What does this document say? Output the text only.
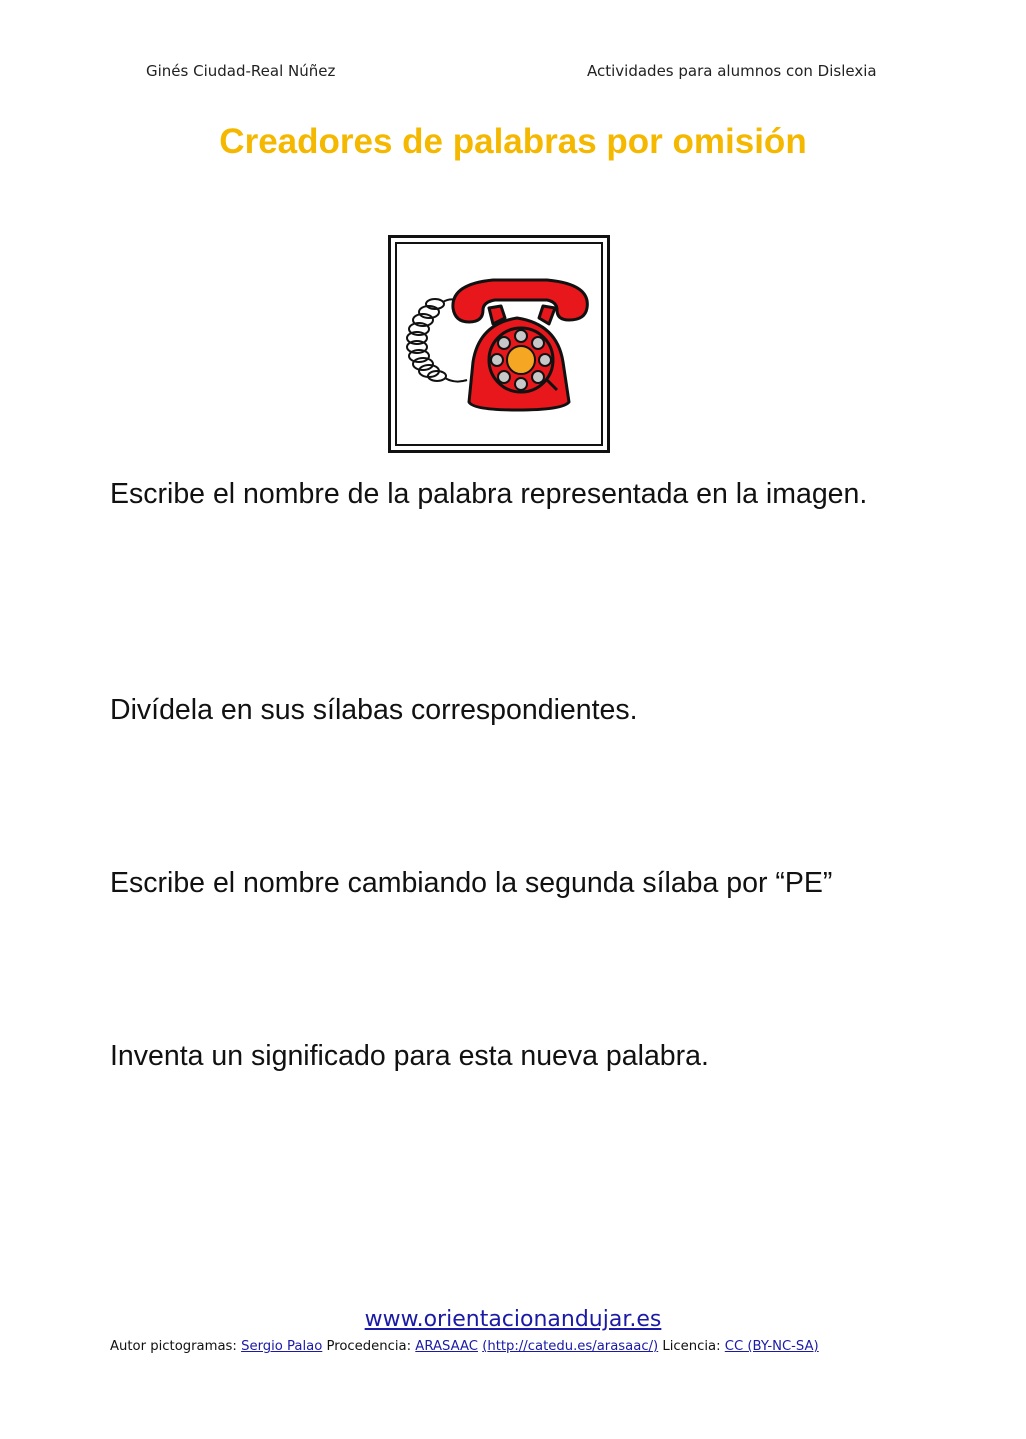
Ginés Ciudad-Real Núñez	Actividades para alumnos con Dislexia
Creadores de palabras por omisión
Escribe el nombre de la palabra representada en la imagen.
Divídela en sus sílabas correspondientes.
Escribe el nombre cambiando la segunda sílaba por “PE”
Inventa un significado para esta nueva palabra.
www.orientacionandujar.es
Autor pictogramas: Sergio Palao Procedencia: ARASAAC (http://catedu.es/arasaac/) Licencia: CC (BY-NC-SA)
